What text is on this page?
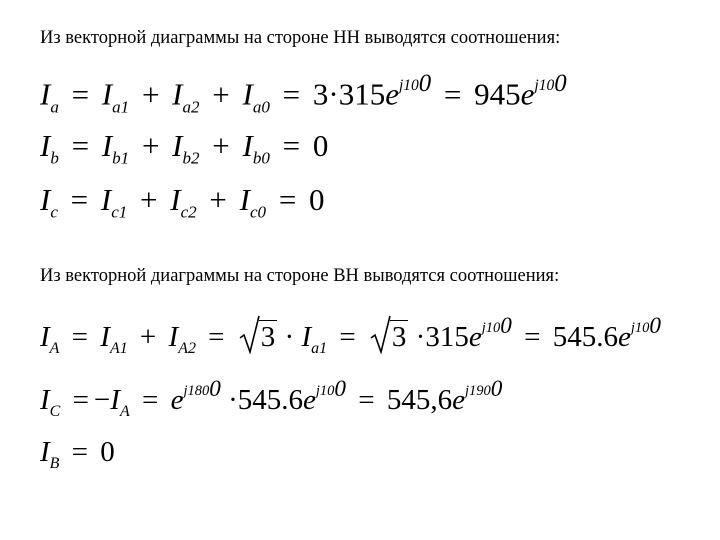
Из векторной диаграммы на стороне НН выводятся соотношения:
$I_a = I_{a1} + I_{a2} + I_{a0} = 3\cdot 315e^{j100} = 945e^{j100}$
$I_b = I_{b1} + I_{b2} + I_{b0} = 0$
$I_c = I_{c1} + I_{c2} + I_{c0} = 0$
Из векторной диаграммы на стороне ВН выводятся соотношения:
$I_A = I_{A1} + I_{A2} = 3 \cdot I_{a1} = 3 \cdot 315e^{j100} = 545.6e^{j100}$
$I_C = -I_A = e^{j1800} \cdot 545.6e^{j100} = 545,6e^{j1900}$
$I_B = 0$
